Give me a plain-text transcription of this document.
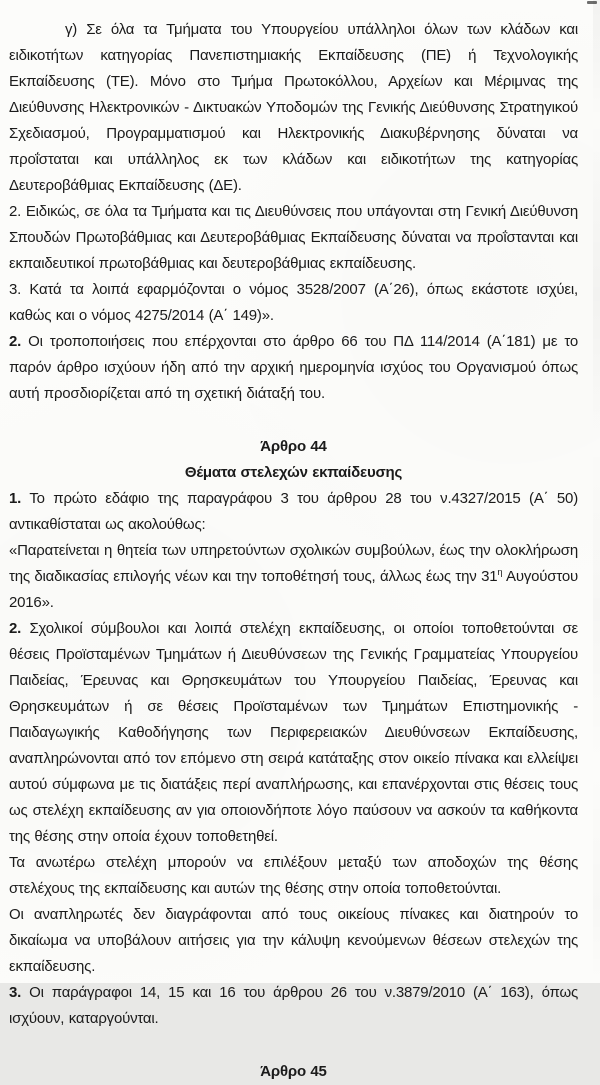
γ) Σε όλα τα Τμήματα του Υπουργείου υπάλληλοι όλων των κλάδων και ειδικοτήτων κατηγορίας Πανεπιστημιακής Εκπαίδευσης (ΠΕ) ή Τεχνολογικής Εκπαίδευσης (ΤΕ). Μόνο στο Τμήμα Πρωτοκόλλου, Αρχείων και Μέριμνας της Διεύθυνσης Ηλεκτρονικών - Δικτυακών Υποδομών της Γενικής Διεύθυνσης Στρατηγικού Σχεδιασμού, Προγραμματισμού και Ηλεκτρονικής Διακυβέρνησης δύναται να προΐσταται και υπάλληλος εκ των κλάδων και ειδικοτήτων της κατηγορίας Δευτεροβάθμιας Εκπαίδευσης (ΔΕ).
2. Ειδικώς, σε όλα τα Τμήματα και τις Διευθύνσεις που υπάγονται στη Γενική Διεύθυνση Σπουδών Πρωτοβάθμιας και Δευτεροβάθμιας Εκπαίδευσης δύναται να προΐστανται και εκπαιδευτικοί πρωτοβάθμιας και δευτεροβάθμιας εκπαίδευσης.
3. Κατά τα λοιπά εφαρμόζονται ο νόμος 3528/2007 (Α΄26), όπως εκάστοτε ισχύει, καθώς και ο νόμος 4275/2014 (Α΄ 149)».
2. Οι τροποποιήσεις που επέρχονται στο άρθρο 66 του ΠΔ 114/2014 (Α΄181) με το παρόν άρθρο ισχύουν ήδη από την αρχική ημερομηνία ισχύος του Οργανισμού όπως αυτή προσδιορίζεται από τη σχετική διάταξή του.
Άρθρο 44
Θέματα στελεχών εκπαίδευσης
1. Το πρώτο εδάφιο της παραγράφου 3 του άρθρου 28 του ν.4327/2015 (Α΄ 50) αντικαθίσταται ως ακολούθως:
«Παρατείνεται η θητεία των υπηρετούντων σχολικών συμβούλων, έως την ολοκλήρωση της διαδικασίας επιλογής νέων και την τοποθέτησή τους, άλλως έως την $31^\eta$ Αυγούστου 2016».
2. Σχολικοί σύμβουλοι και λοιπά στελέχη εκπαίδευσης, οι οποίοι τοποθετούνται σε θέσεις Προϊσταμένων Τμημάτων ή Διευθύνσεων της Γενικής Γραμματείας Υπουργείου Παιδείας, Έρευνας και Θρησκευμάτων του Υπουργείου Παιδείας, Έρευνας και Θρησκευμάτων ή σε θέσεις Προϊσταμένων των Τμημάτων Επιστημονικής - Παιδαγωγικής Καθοδήγησης των Περιφερειακών Διευθύνσεων Εκπαίδευσης, αναπληρώνονται από τον επόμενο στη σειρά κατάταξης στον οικείο πίνακα και ελλείψει αυτού σύμφωνα με τις διατάξεις περί αναπλήρωσης, και επανέρχονται στις θέσεις τους ως στελέχη εκπαίδευσης αν για οποιονδήποτε λόγο παύσουν να ασκούν τα καθήκοντα της θέσης στην οποία έχουν τοποθετηθεί.
Τα ανωτέρω στελέχη μπορούν να επιλέξουν μεταξύ των αποδοχών της θέσης στελέχους της εκπαίδευσης και αυτών της θέσης στην οποία τοποθετούνται.
Οι αναπληρωτές δεν διαγράφονται από τους οικείους πίνακες και διατηρούν το δικαίωμα να υποβάλουν αιτήσεις για την κάλυψη κενούμενων θέσεων στελεχών της εκπαίδευσης.
3. Οι παράγραφοι 14, 15 και 16 του άρθρου 26 του ν.3879/2010 (Α΄ 163), όπως ισχύουν, καταργούνται.
Άρθρο 45
